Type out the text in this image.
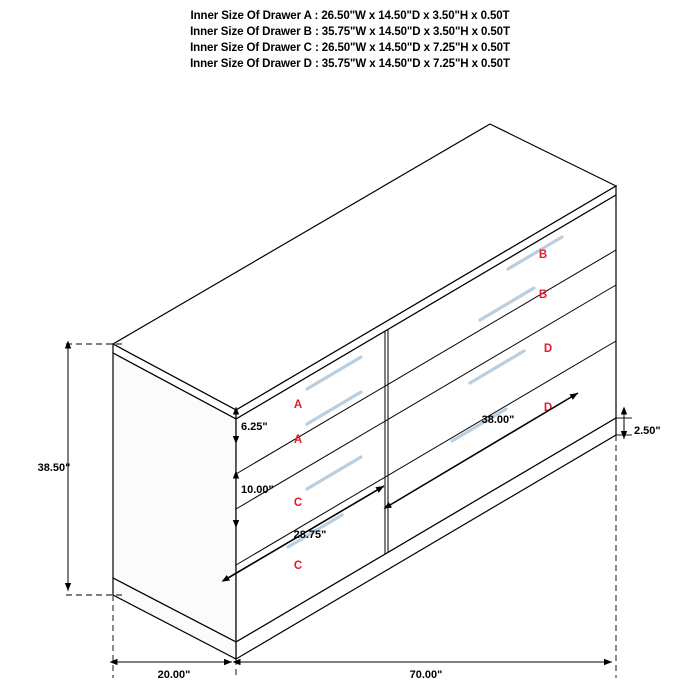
Inner Size Of Drawer A : 26.50"W x 14.50"D x 3.50"H x 0.50T
Inner Size Of Drawer B : 35.75"W x 14.50"D x 3.50"H x 0.50T
Inner Size Of Drawer C : 26.50"W x 14.50"D x 7.25"H x 0.50T
Inner Size Of Drawer D : 35.75"W x 14.50"D x 7.25"H x 0.50T
B
B
D
D
A
A
C
C
38.50"
6.25"
10.00"
2.50"
38.00"
28.75"
20.00"	70.00"
